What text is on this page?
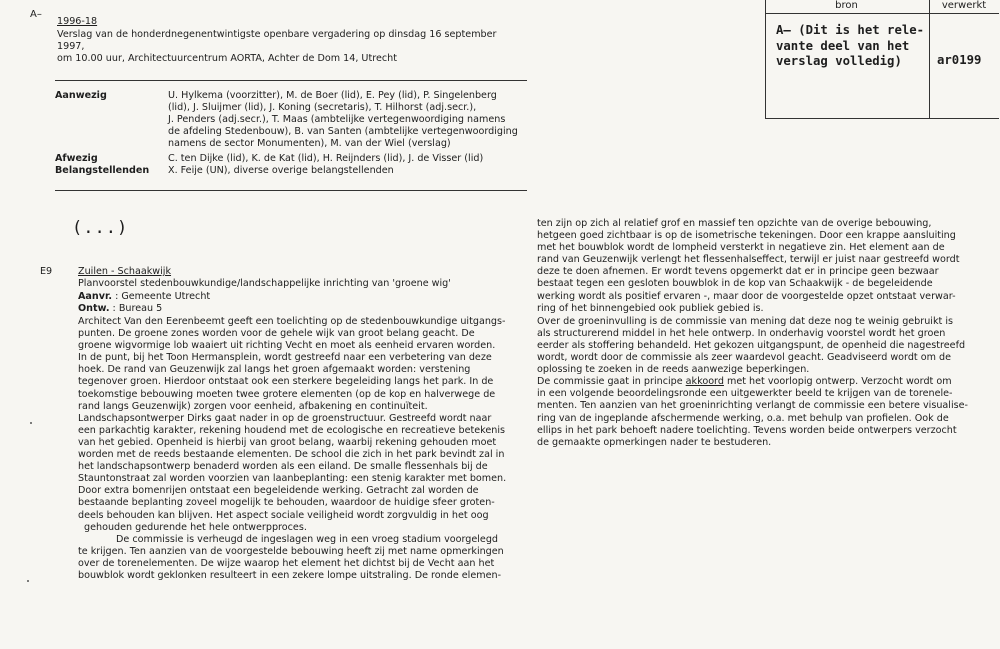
A–
1996-18
Verslag van de honderdnegenentwintigste openbare vergadering op dinsdag 16 september
1997,
om 10.00 uur, Architectuurcentrum AORTA, Achter de Dom 14, Utrecht
bron	verwerkt
A– (Dit is het rele-
vante deel van het
verslag volledig)	ar0199
Aanwezig	U. Hylkema (voorzitter), M. de Boer (lid), E. Pey (lid), P. Singelenberg
(lid), J. Sluijmer (lid), J. Koning (secretaris), T. Hilhorst (adj.secr.),
J. Penders (adj.secr.), T. Maas (ambtelijke vertegenwoordiging namens
de afdeling Stedenbouw), B. van Santen (ambtelijke vertegenwoordiging
namens de sector Monumenten), M. van der Wiel (verslag)
Afwezig	C. ten Dijke (lid), K. de Kat (lid), H. Reijnders (lid), J. de Visser (lid)
Belangstellenden X. Feije (UN), diverse overige belangstellenden
(...)
E9	Zuilen - Schaakwijk
Planvoorstel stedenbouwkundige/landschappelijke inrichting van 'groene wig'
Aanvr. : Gemeente Utrecht
Ontw. : Bureau 5
Architect Van den Eerenbeemt geeft een toelichting op de stedenbouwkundige uitgangs-
punten. De groene zones worden voor de gehele wijk van groot belang geacht. De
groene wigvormige lob waaiert uit richting Vecht en moet als eenheid ervaren worden.
In de punt, bij het Toon Hermansplein, wordt gestreefd naar een verbetering van deze
hoek. De rand van Geuzenwijk zal langs het groen afgemaakt worden: verstening
tegenover groen. Hierdoor ontstaat ook een sterkere begeleiding langs het park. In de
toekomstige bebouwing moeten twee grotere elementen (op de kop en halverwege de
rand langs Geuzenwijk) zorgen voor eenheid, afbakening en continuïteit.
Landschapsontwerper Dirks gaat nader in op de groenstructuur. Gestreefd wordt naar
een parkachtig karakter, rekening houdend met de ecologische en recreatieve betekenis
van het gebied. Openheid is hierbij van groot belang, waarbij rekening gehouden moet
worden met de reeds bestaande elementen. De school die zich in het park bevindt zal in
het landschapsontwerp benaderd worden als een eiland. De smalle flessenhals bij de
Stauntonstraat zal worden voorzien van laanbeplanting: een stenig karakter met bomen.
Door extra bomenrijen ontstaat een begeleidende werking. Getracht zal worden de
bestaande beplanting zoveel mogelijk te behouden, waardoor de huidige sfeer groten-
deels behouden kan blijven. Het aspect sociale veiligheid wordt zorgvuldig in het oog
gehouden gedurende het hele ontwerpproces.
De commissie is verheugd de ingeslagen weg in een vroeg stadium voorgelegd
te krijgen. Ten aanzien van de voorgestelde bebouwing heeft zij met name opmerkingen
over de torenelementen. De wijze waarop het element het dichtst bij de Vecht aan het
bouwblok wordt geklonken resulteert in een zekere lompe uitstraling. De ronde elemen-
ten zijn op zich al relatief grof en massief ten opzichte van de overige bebouwing,
hetgeen goed zichtbaar is op de isometrische tekeningen. Door een krappe aansluiting
met het bouwblok wordt de lompheid versterkt in negatieve zin. Het element aan de
rand van Geuzenwijk verlengt het flessenhalseffect, terwijl er juist naar gestreefd wordt
deze te doen afnemen. Er wordt tevens opgemerkt dat er in principe geen bezwaar
bestaat tegen een gesloten bouwblok in de kop van Schaakwijk - de begeleidende
werking wordt als positief ervaren -, maar door de voorgestelde opzet ontstaat verwar-
ring of het binnengebied ook publiek gebied is.
Over de groeninvulling is de commissie van mening dat deze nog te weinig gebruikt is
als structurerend middel in het hele ontwerp. In onderhavig voorstel wordt het groen
eerder als stoffering behandeld. Het gekozen uitgangspunt, de openheid die nagestreefd
wordt, wordt door de commissie als zeer waardevol geacht. Geadviseerd wordt om de
oplossing te zoeken in de reeds aanwezige beperkingen.
De commissie gaat in principe akkoord met het voorlopig ontwerp. Verzocht wordt om
in een volgende beoordelingsronde een uitgewerkter beeld te krijgen van de torenele-
menten. Ten aanzien van het groeninrichting verlangt de commissie een betere visualise-
ring van de ingeplande afschermende werking, o.a. met behulp van profielen. Ook de
ellips in het park behoeft nadere toelichting. Tevens worden beide ontwerpers verzocht
de gemaakte opmerkingen nader te bestuderen.
